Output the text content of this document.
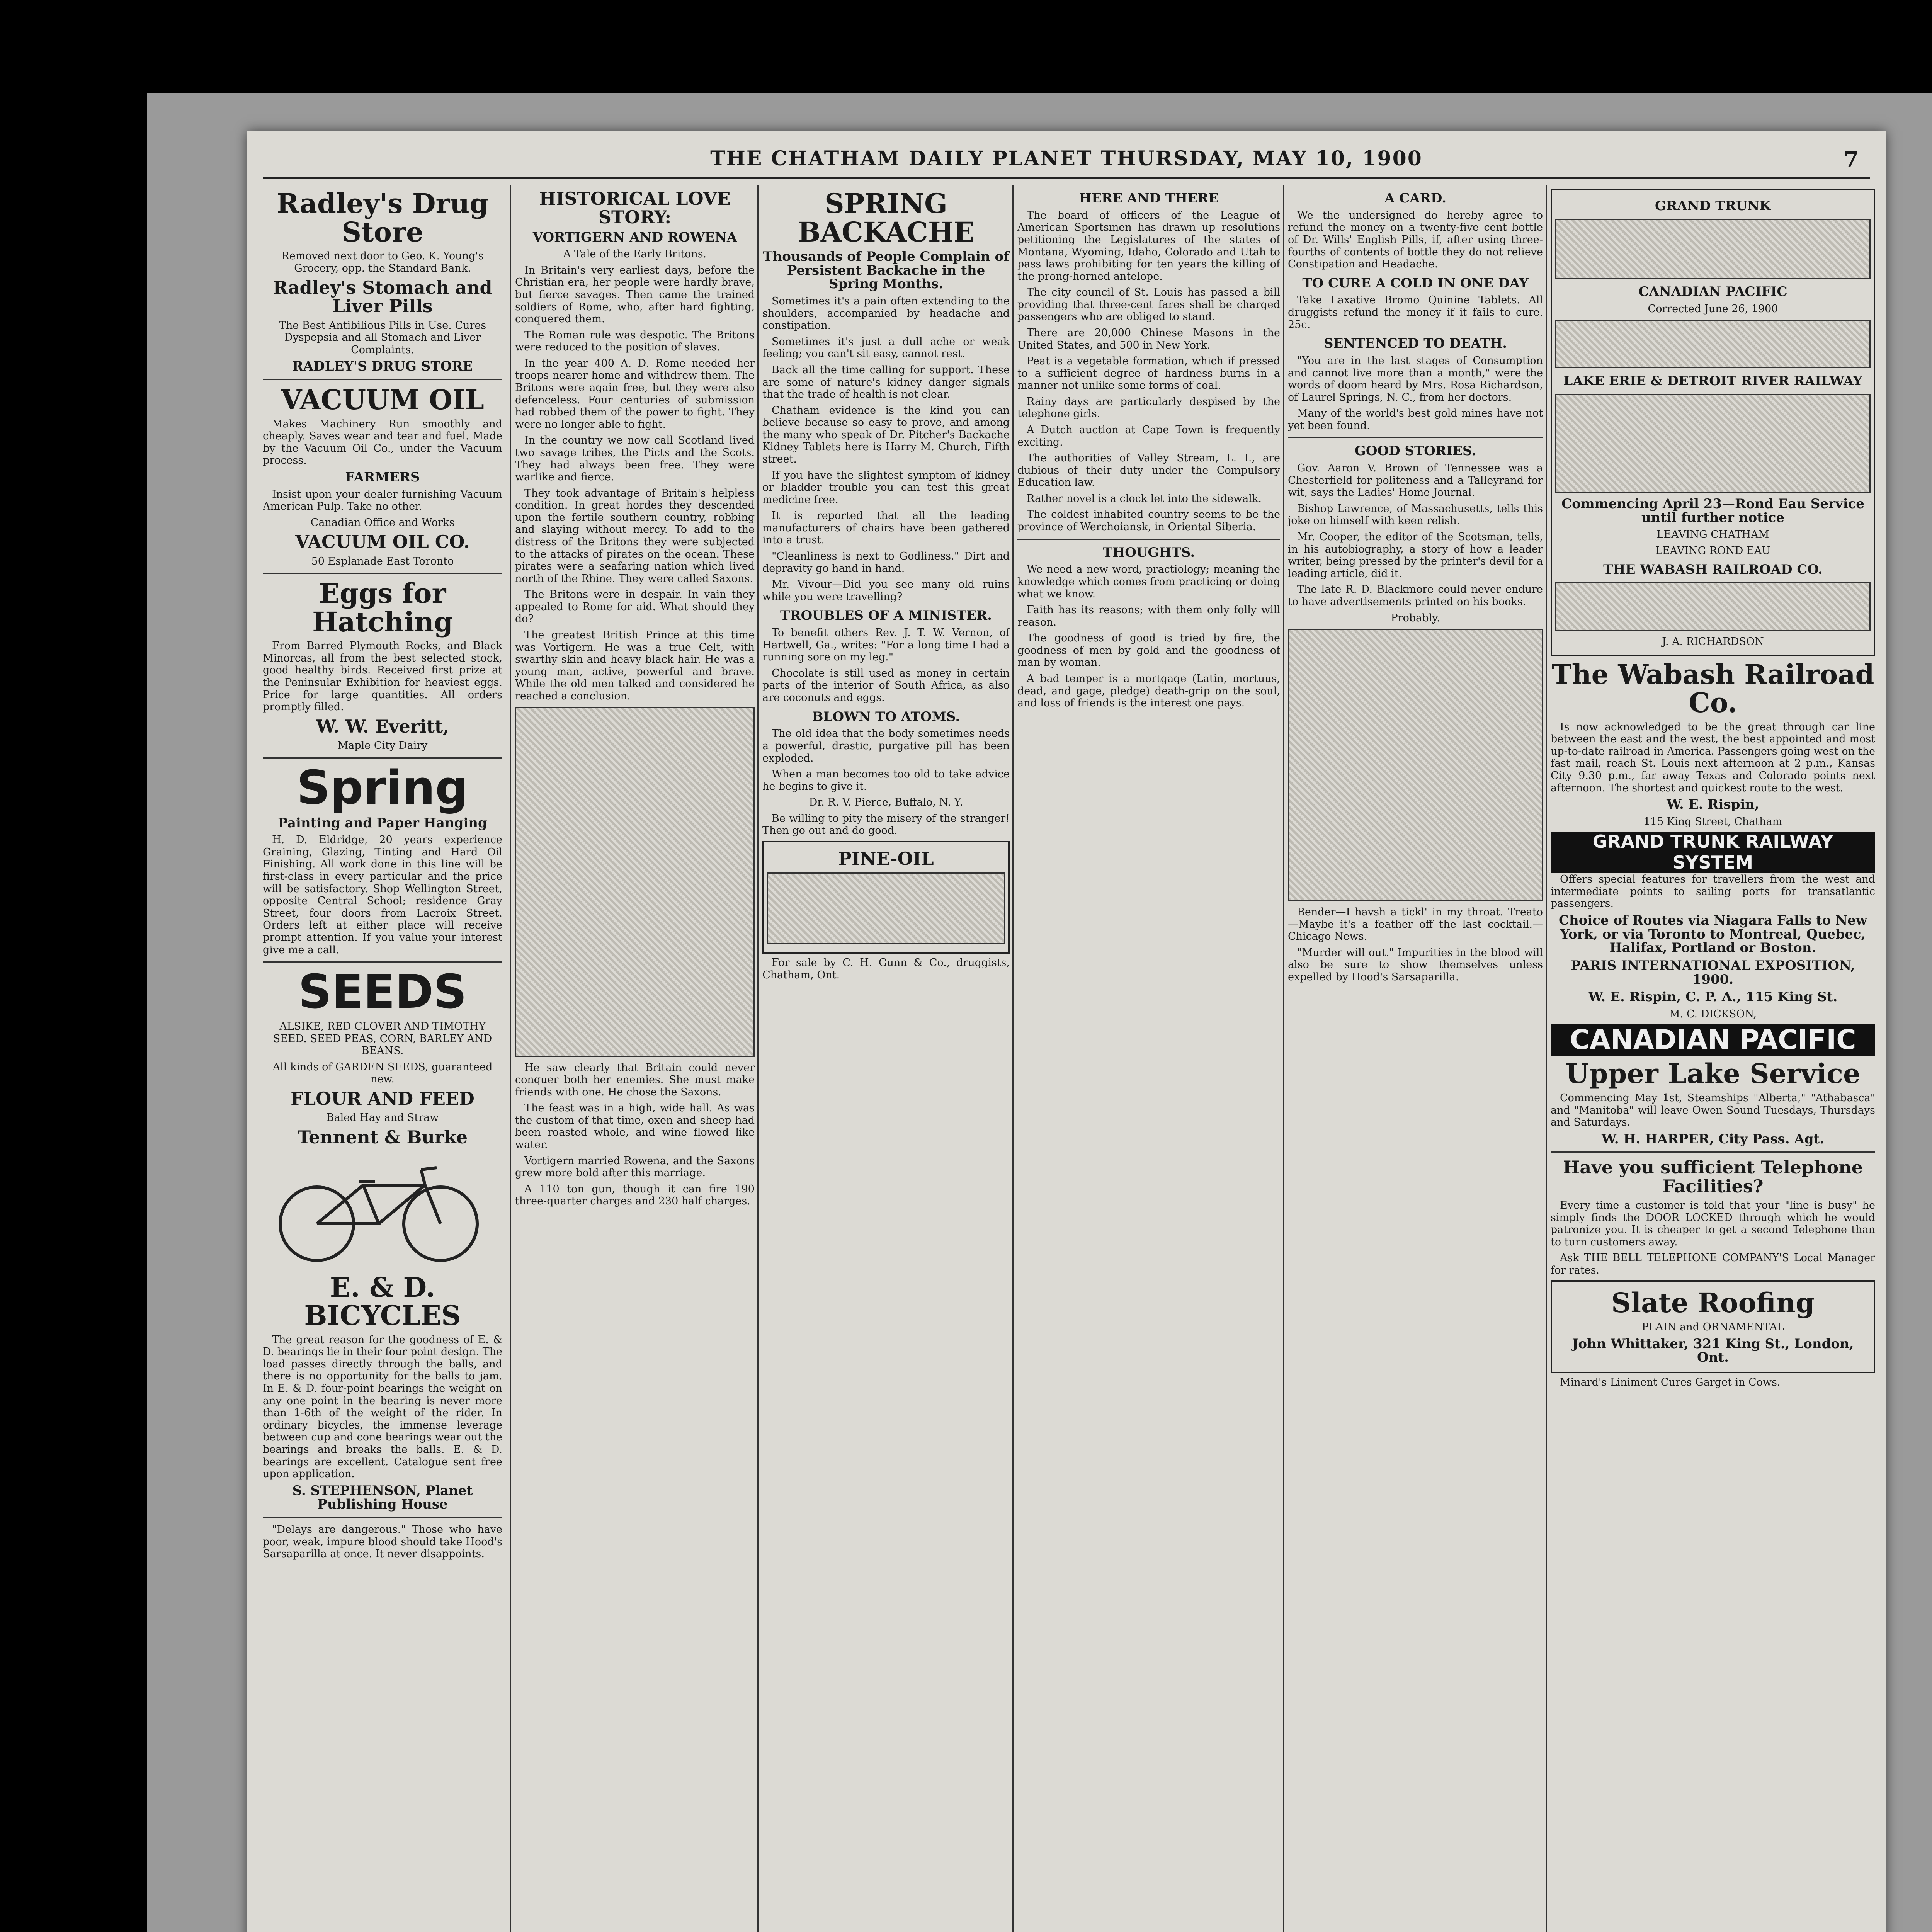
THE CHATHAM DAILY PLANET THURSDAY, MAY 10, 1900	7
Radley's Drug Store

Removed next door to Geo. K. Young's Grocery, opp. the Standard Bank.

Radley's Stomach and Liver Pills

The Best Antibilious Pills in Use. Cures Dyspepsia and all Stomach and Liver Complaints.

RADLEY'S DRUG STORE
VACUUM OIL

Makes Machinery Run smoothly and cheaply. Saves wear and tear and fuel. Made by the Vacuum Oil Co., under the Vacuum process.

FARMERS

Insist upon your dealer furnishing Vacuum American Pulp. Take no other.

Canadian Office and Works

VACUUM OIL CO.

50 Esplanade East Toronto

Eggs for Hatching

From Barred Plymouth Rocks, and Black Minorcas, all from the best selected stock, good healthy birds. Received first prize at the Peninsular Exhibition for heaviest eggs. Price for large quantities. All orders promptly filled.

W. W. Everitt,

Maple City Dairy

Spring
Painting and Paper Hanging

H. D. Eldridge, 20 years experience Graining, Glazing, Tinting and Hard Oil Finishing. All work done in this line will be first-class in every particular and the price will be satisfactory. Shop Wellington Street, opposite Central School; residence Gray Street, four doors from Lacroix Street. Orders left at either place will receive prompt attention. If you value your interest give me a call.

SEEDS

ALSIKE, RED CLOVER AND TIMOTHY SEED. SEED PEAS, CORN, BARLEY AND BEANS.

All kinds of GARDEN SEEDS, guaranteed new.

FLOUR AND FEED

Baled Hay and Straw

Tennent & Burke
E. & D. BICYCLES

The great reason for the goodness of E. & D. bearings lie in their four point design. The load passes directly through the balls, and there is no opportunity for the balls to jam. In E. & D. four-point bearings the weight on any one point in the bearing is never more than 1-6th of the weight of the rider. In ordinary bicycles, the immense leverage between cup and cone bearings wear out the bearings and breaks the balls. E. & D. bearings are excellent. Catalogue sent free upon application.

S. STEPHENSON, Planet Publishing House

"Delays are dangerous." Those who have poor, weak, impure blood should take Hood's Sarsaparilla at once. It never disappoints.

HISTORICAL LOVE STORY:
VORTIGERN AND ROWENA

A Tale of the Early Britons.

In Britain's very earliest days, before the Christian era, her people were hardly brave, but fierce savages. Then came the trained soldiers of Rome, who, after hard fighting, conquered them.

The Roman rule was despotic. The Britons were reduced to the position of slaves.

In the year 400 A. D. Rome needed her troops nearer home and withdrew them. The Britons were again free, but they were also defenceless. Four centuries of submission had robbed them of the power to fight. They were no longer able to fight.

In the country we now call Scotland lived two savage tribes, the Picts and the Scots. They had always been free. They were warlike and fierce.

They took advantage of Britain's helpless condition. In great hordes they descended upon the fertile southern country, robbing and slaying without mercy. To add to the distress of the Britons they were subjected to the attacks of pirates on the ocean. These pirates were a seafaring nation which lived north of the Rhine. They were called Saxons.

The Britons were in despair. In vain they appealed to Rome for aid. What should they do?

The greatest British Prince at this time was Vortigern. He was a true Celt, with swarthy skin and heavy black hair. He was a young man, active, powerful and brave. While the old men talked and considered he reached a conclusion.

He saw clearly that Britain could never conquer both her enemies. She must make friends with one. He chose the Saxons.

The feast was in a high, wide hall. As was the custom of that time, oxen and sheep had been roasted whole, and wine flowed like water.

Vortigern married Rowena, and the Saxons grew more bold after this marriage.

A 110 ton gun, though it can fire 190 three-quarter charges and 230 half charges.

SPRING BACKACHE
Thousands of People Complain of Persistent Backache in the Spring Months.

Sometimes it's a pain often extending to the shoulders, accompanied by headache and constipation.

Sometimes it's just a dull ache or weak feeling; you can't sit easy, cannot rest.

Back all the time calling for support. These are some of nature's kidney danger signals that the trade of health is not clear.

Chatham evidence is the kind you can believe because so easy to prove, and among the many who speak of Dr. Pitcher's Backache Kidney Tablets here is Harry M. Church, Fifth street.

If you have the slightest symptom of kidney or bladder trouble you can test this great medicine free.

It is reported that all the leading manufacturers of chairs have been gathered into a trust.

"Cleanliness is next to Godliness." Dirt and depravity go hand in hand.

Mr. Vivour—Did you see many old ruins while you were travelling?

TROUBLES OF A MINISTER.

To benefit others Rev. J. T. W. Vernon, of Hartwell, Ga., writes: "For a long time I had a running sore on my leg."

Chocolate is still used as money in certain parts of the interior of South Africa, as also are coconuts and eggs.

BLOWN TO ATOMS.

The old idea that the body sometimes needs a powerful, drastic, purgative pill has been exploded.

When a man becomes too old to take advice he begins to give it.

Dr. R. V. Pierce, Buffalo, N. Y.

Be willing to pity the misery of the stranger! Then go out and do good.

PINE-OIL

For sale by C. H. Gunn & Co., druggists, Chatham, Ont.

HERE AND THERE

The board of officers of the League of American Sportsmen has drawn up resolutions petitioning the Legislatures of the states of Montana, Wyoming, Idaho, Colorado and Utah to pass laws prohibiting for ten years the killing of the prong-horned antelope.

The city council of St. Louis has passed a bill providing that three-cent fares shall be charged passengers who are obliged to stand.

There are 20,000 Chinese Masons in the United States, and 500 in New York.

Peat is a vegetable formation, which if pressed to a sufficient degree of hardness burns in a manner not unlike some forms of coal.

Rainy days are particularly despised by the telephone girls.

A Dutch auction at Cape Town is frequently exciting.

The authorities of Valley Stream, L. I., are dubious of their duty under the Compulsory Education law.

Rather novel is a clock let into the sidewalk.

The coldest inhabited country seems to be the province of Werchoiansk, in Oriental Siberia.

THOUGHTS.

We need a new word, practiology; meaning the knowledge which comes from practicing or doing what we know.

Faith has its reasons; with them only folly will reason.

The goodness of good is tried by fire, the goodness of men by gold and the goodness of man by woman.

A bad temper is a mortgage (Latin, mortuus, dead, and gage, pledge) death-grip on the soul, and loss of friends is the interest one pays.

A CARD.

We the undersigned do hereby agree to refund the money on a twenty-five cent bottle of Dr. Wills' English Pills, if, after using three-fourths of contents of bottle they do not relieve Constipation and Headache.

TO CURE A COLD IN ONE DAY

Take Laxative Bromo Quinine Tablets. All druggists refund the money if it fails to cure. 25c.

SENTENCED TO DEATH.

"You are in the last stages of Consumption and cannot live more than a month," were the words of doom heard by Mrs. Rosa Richardson, of Laurel Springs, N. C., from her doctors.

Many of the world's best gold mines have not yet been found.

GOOD STORIES.

Gov. Aaron V. Brown of Tennessee was a Chesterfield for politeness and a Talleyrand for wit, says the Ladies' Home Journal.

Bishop Lawrence, of Massachusetts, tells this joke on himself with keen relish.

Mr. Cooper, the editor of the Scotsman, tells, in his autobiography, a story of how a leader writer, being pressed by the printer's devil for a leading article, did it.

The late R. D. Blackmore could never endure to have advertisements printed on his books.

Probably.

Bender—I havsh a tickl' in my throat. Treato—Maybe it's a feather off the last cocktail.—Chicago News.

"Murder will out." Impurities in the blood will also be sure to show themselves unless expelled by Hood's Sarsaparilla.

GRAND TRUNK
CANADIAN PACIFIC

Corrected June 26, 1900

LAKE ERIE & DETROIT RIVER RAILWAY
Commencing April 23—Rond Eau Service until further notice

LEAVING CHATHAM

LEAVING ROND EAU

THE WABASH RAILROAD CO.

J. A. RICHARDSON

The Wabash Railroad Co.

Is now acknowledged to be the great through car line between the east and the west, the best appointed and most up-to-date railroad in America. Passengers going west on the fast mail, reach St. Louis next afternoon at 2 p.m., Kansas City 9.30 p.m., far away Texas and Colorado points next afternoon. The shortest and quickest route to the west.

W. E. Rispin,

115 King Street, Chatham

GRAND TRUNK RAILWAY SYSTEM

Offers special features for travellers from the west and intermediate points to sailing ports for transatlantic passengers.

Choice of Routes via Niagara Falls to New York, or via Toronto to Montreal, Quebec, Halifax, Portland or Boston.
PARIS INTERNATIONAL EXPOSITION, 1900.
W. E. Rispin, C. P. A., 115 King St.

M. C. DICKSON,

CANADIAN PACIFIC
Upper Lake Service

Commencing May 1st, Steamships "Alberta," "Athabasca" and "Manitoba" will leave Owen Sound Tuesdays, Thursdays and Saturdays.

W. H. HARPER, City Pass. Agt.
Have you sufficient Telephone Facilities?

Every time a customer is told that your "line is busy" he simply finds the DOOR LOCKED through which he would patronize you. It is cheaper to get a second Telephone than to turn customers away.

Ask THE BELL TELEPHONE COMPANY'S Local Manager for rates.

Slate Roofing

PLAIN and ORNAMENTAL

John Whittaker, 321 King St., London, Ont.

Minard's Liniment Cures Garget in Cows.
